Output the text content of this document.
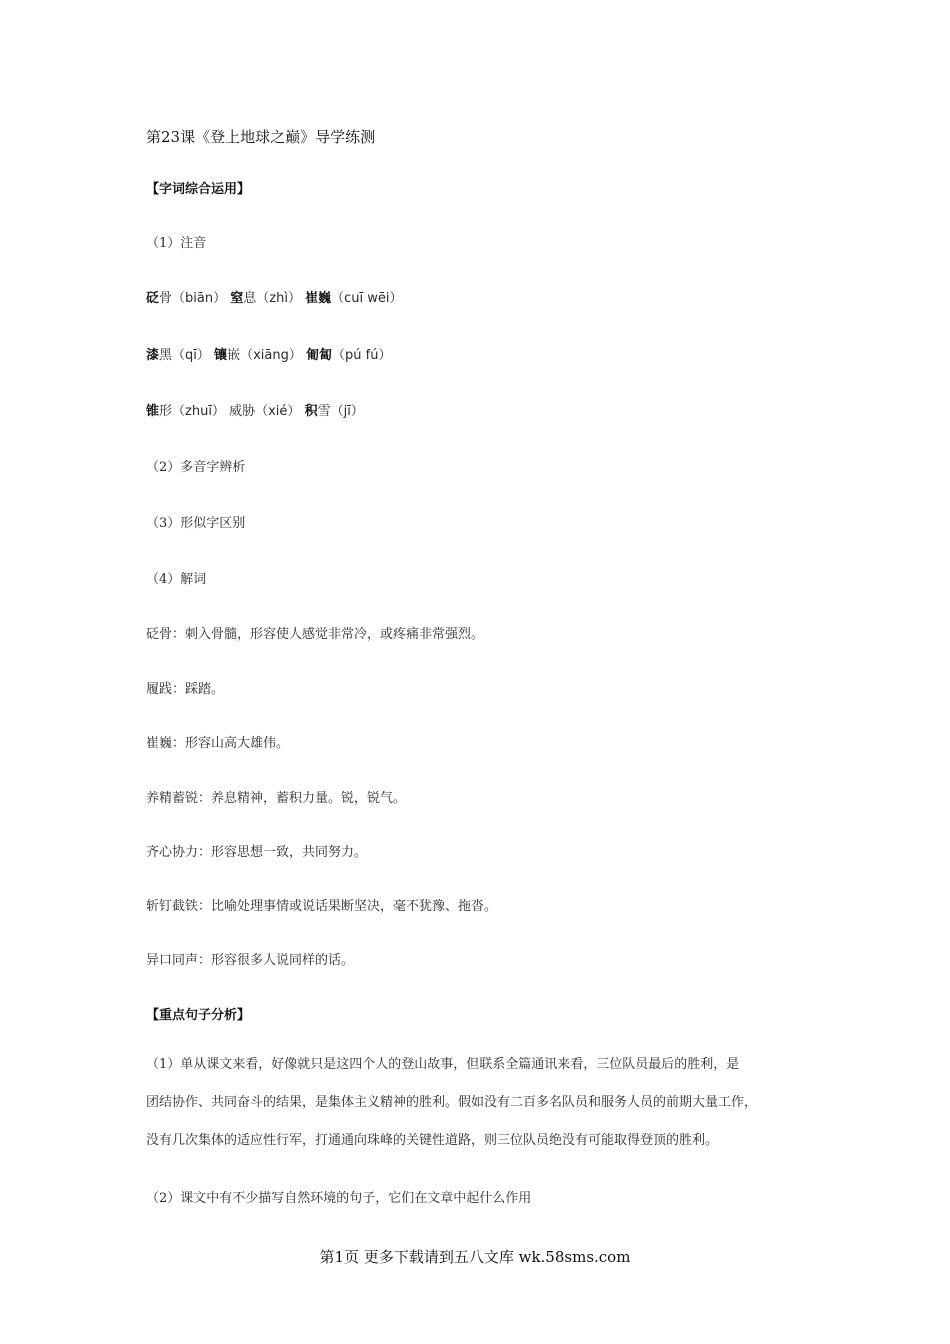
第23课《登上地球之巅》导学练测
【字词综合运用】
（1）注音
砭骨（biān） 窒息（zhì） 崔巍（cuī wēi）
漆黑（qī） 镶嵌（xiāng） 匍匐（pú fú）
锥形（zhuī） 威胁（xié） 积雪（jī）
（2）多音字辨析
（3）形似字区别
（4）解词
砭骨：刺入骨髓，形容使人感觉非常冷，或疼痛非常强烈。
履践：踩踏。
崔巍：形容山高大雄伟。
养精蓄锐：养息精神，蓄积力量。锐，锐气。
齐心协力：形容思想一致，共同努力。
斩钉截铁：比喻处理事情或说话果断坚决，毫不犹豫、拖沓。
异口同声：形容很多人说同样的话。
【重点句子分析】
（1）单从课文来看，好像就只是这四个人的登山故事，但联系全篇通讯来看，三位队员最后的胜利，是
团结协作、共同奋斗的结果，是集体主义精神的胜利。假如没有二百多名队员和服务人员的前期大量工作，
没有几次集体的适应性行军，打通通向珠峰的关键性道路，则三位队员绝没有可能取得登顶的胜利。
（2）课文中有不少描写自然环境的句子，它们在文章中起什么作用
第1页 更多下载请到五八文库 wk.58sms.com
